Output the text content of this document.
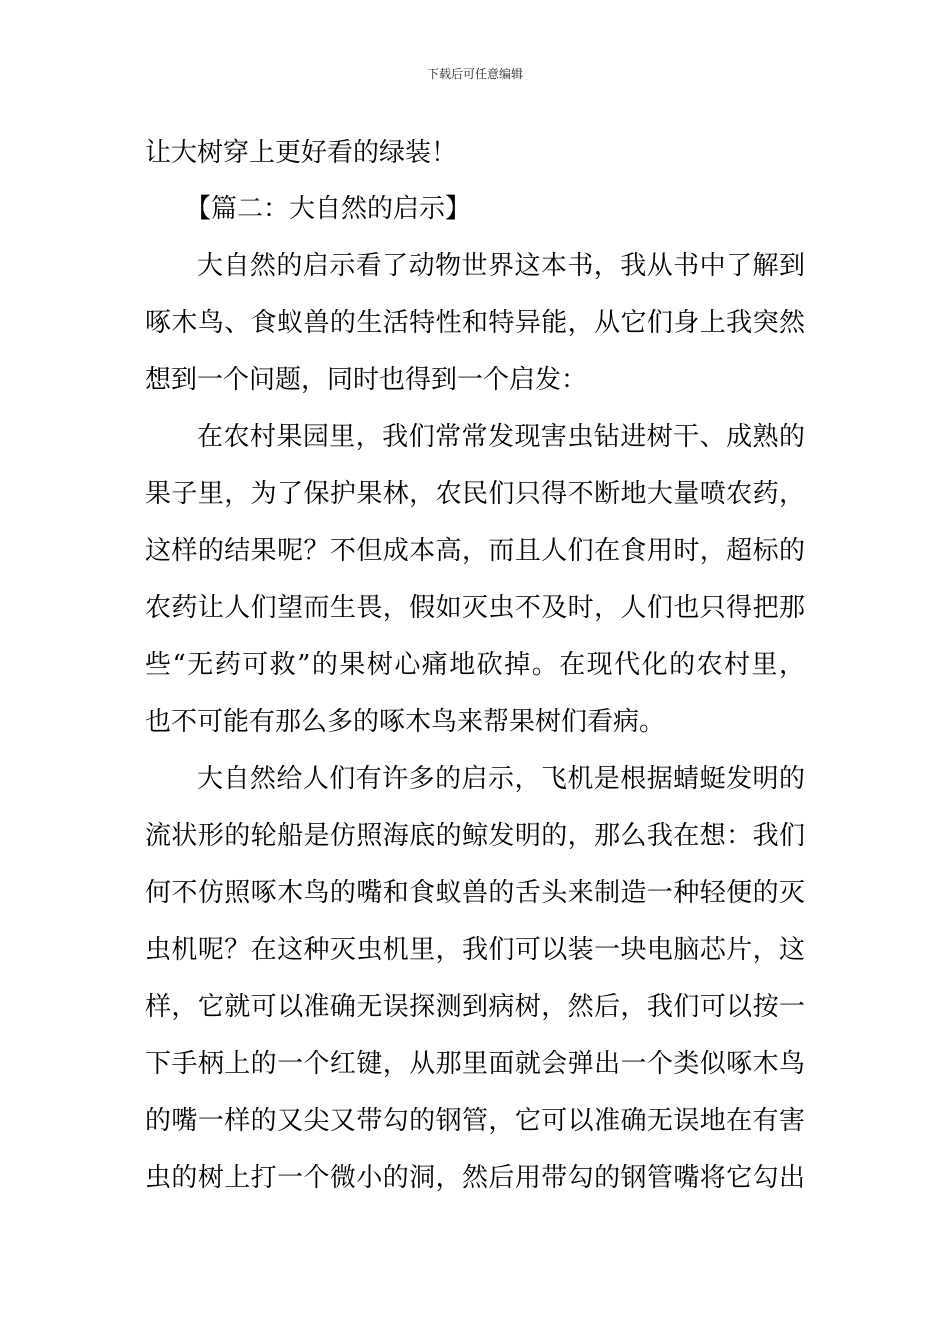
下载后可任意编辑
让大树穿上更好看的绿装！
【篇二：大自然的启示】
大自然的启示看了动物世界这本书，我从书中了解到
啄木鸟、食蚁兽的生活特性和特异能，从它们身上我突然
想到一个问题，同时也得到一个启发：
在农村果园里，我们常常发现害虫钻进树干、成熟的
果子里，为了保护果林，农民们只得不断地大量喷农药，
这样的结果呢？不但成本高，而且人们在食用时，超标的
农药让人们望而生畏，假如灭虫不及时，人们也只得把那
些“无药可救”的果树心痛地砍掉。在现代化的农村里，
也不可能有那么多的啄木鸟来帮果树们看病。
大自然给人们有许多的启示，飞机是根据蜻蜓发明的
流状形的轮船是仿照海底的鲸发明的，那么我在想：我们
何不仿照啄木鸟的嘴和食蚁兽的舌头来制造一种轻便的灭
虫机呢？在这种灭虫机里，我们可以装一块电脑芯片，这
样，它就可以准确无误探测到病树，然后，我们可以按一
下手柄上的一个红键，从那里面就会弹出一个类似啄木鸟
的嘴一样的又尖又带勾的钢管，它可以准确无误地在有害
虫的树上打一个微小的洞，然后用带勾的钢管嘴将它勾出
